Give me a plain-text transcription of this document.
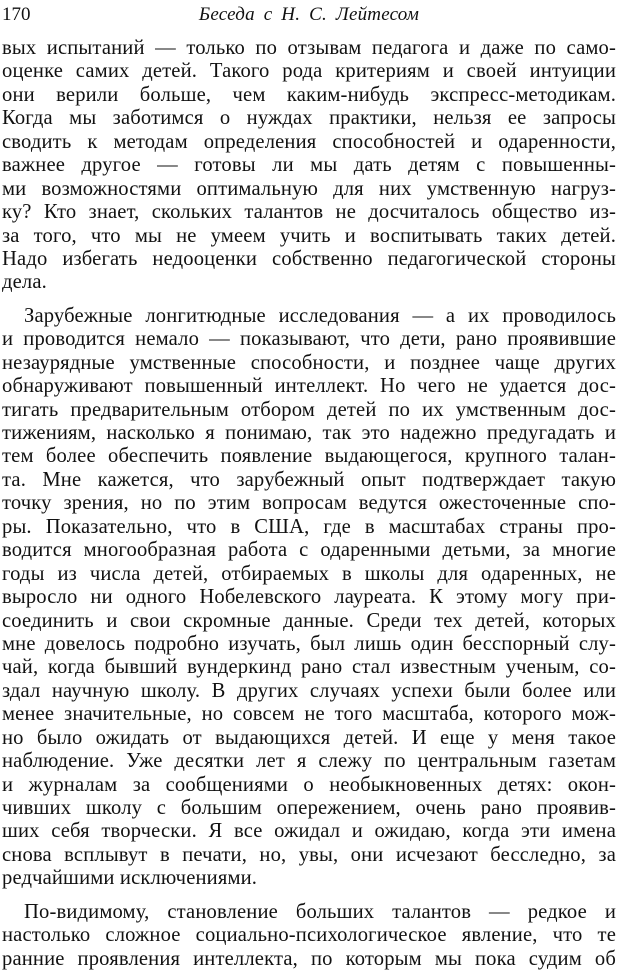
170	Беседа с Н. С. Лейтесом
вых испытаний — только по отзывам педагога и даже по само-
оценке самих детей. Такого рода критериям и своей интуиции
они верили больше, чем каким-нибудь экспресс-методикам.
Когда мы заботимся о нуждах практики, нельзя ее запросы
сводить к методам определения способностей и одаренности,
важнее другое — готовы ли мы дать детям с повышенны-
ми возможностями оптимальную для них умственную нагруз-
ку? Кто знает, скольких талантов не досчиталось общество из-
за того, что мы не умеем учить и воспитывать таких детей.
Надо избегать недооценки собственно педагогической стороны
дела.
Зарубежные лонгитюдные исследования — а их проводилось
и проводится немало — показывают, что дети, рано проявившие
незаурядные умственные способности, и позднее чаще других
обнаруживают повышенный интеллект. Но чего не удается дос-
тигать предварительным отбором детей по их умственным дос-
тижениям, насколько я понимаю, так это надежно предугадать и
тем более обеспечить появление выдающегося, крупного талан-
та. Мне кажется, что зарубежный опыт подтверждает такую
точку зрения, но по этим вопросам ведутся ожесточенные спо-
ры. Показательно, что в США, где в масштабах страны про-
водится многообразная работа с одаренными детьми, за многие
годы из числа детей, отбираемых в школы для одаренных, не
выросло ни одного Нобелевского лауреата. К этому могу при-
соединить и свои скромные данные. Среди тех детей, которых
мне довелось подробно изучать, был лишь один бесспорный слу-
чай, когда бывший вундеркинд рано стал известным ученым, со-
здал научную школу. В других случаях успехи были более или
менее значительные, но совсем не того масштаба, которого мож-
но было ожидать от выдающихся детей. И еще у меня такое
наблюдение. Уже десятки лет я слежу по центральным газетам
и журналам за сообщениями о необыкновенных детях: окон-
чивших школу с большим опережением, очень рано проявив-
ших себя творчески. Я все ожидал и ожидаю, когда эти имена
снова всплывут в печати, но, увы, они исчезают бесследно, за
редчайшими исключениями.
По-видимому, становление больших талантов — редкое и
настолько сложное социально-психологическое явление, что те
ранние проявления интеллекта, по которым мы пока судим об
